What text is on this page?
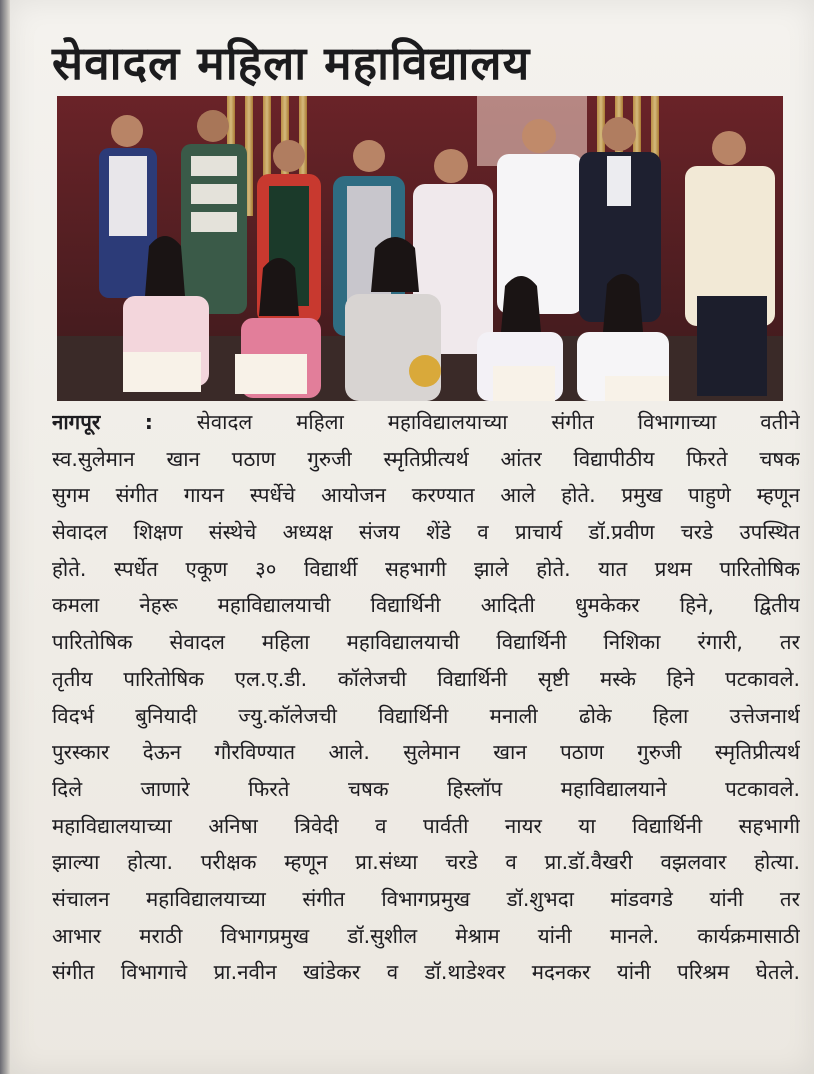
सेवादल महिला महाविद्यालय
नागपूर : सेवादल महिला महाविद्यालयाच्या संगीत विभागाच्या वतीने
स्व.सुलेमान खान पठाण गुरुजी स्मृतिप्रीत्यर्थ आंतर विद्यापीठीय फिरते चषक
सुगम संगीत गायन स्पर्धेचे आयोजन करण्यात आले होते. प्रमुख पाहुणे म्हणून
सेवादल शिक्षण संस्थेचे अध्यक्ष संजय शेंडे व प्राचार्य डॉ.प्रवीण चरडे उपस्थित
होते. स्पर्धेत एकूण ३० विद्यार्थी सहभागी झाले होते. यात प्रथम पारितोषिक
कमला नेहरू महाविद्यालयाची विद्यार्थिनी आदिती धुमकेकर हिने, द्वितीय
पारितोषिक सेवादल महिला महाविद्यालयाची विद्यार्थिनी निशिका रंगारी, तर
तृतीय पारितोषिक एल.ए.डी. कॉलेजची विद्यार्थिनी सृष्टी मस्के हिने पटकावले.
विदर्भ बुनियादी ज्यु.कॉलेजची विद्यार्थिनी मनाली ढोके हिला उत्तेजनार्थ
पुरस्कार देऊन गौरविण्यात आले. सुलेमान खान पठाण गुरुजी स्मृतिप्रीत्यर्थ
दिले जाणारे फिरते चषक हिस्लॉप महाविद्यालयाने पटकावले.
महाविद्यालयाच्या अनिषा त्रिवेदी व पार्वती नायर या विद्यार्थिनी सहभागी
झाल्या होत्या. परीक्षक म्हणून प्रा.संध्या चरडे व प्रा.डॉ.वैखरी वझलवार होत्या.
संचालन महाविद्यालयाच्या संगीत विभागप्रमुख डॉ.शुभदा मांडवगडे यांनी तर
आभार मराठी विभागप्रमुख डॉ.सुशील मेश्राम यांनी मानले. कार्यक्रमासाठी
संगीत विभागाचे प्रा.नवीन खांडेकर व डॉ.थाडेश्वर मदनकर यांनी परिश्रम घेतले.
